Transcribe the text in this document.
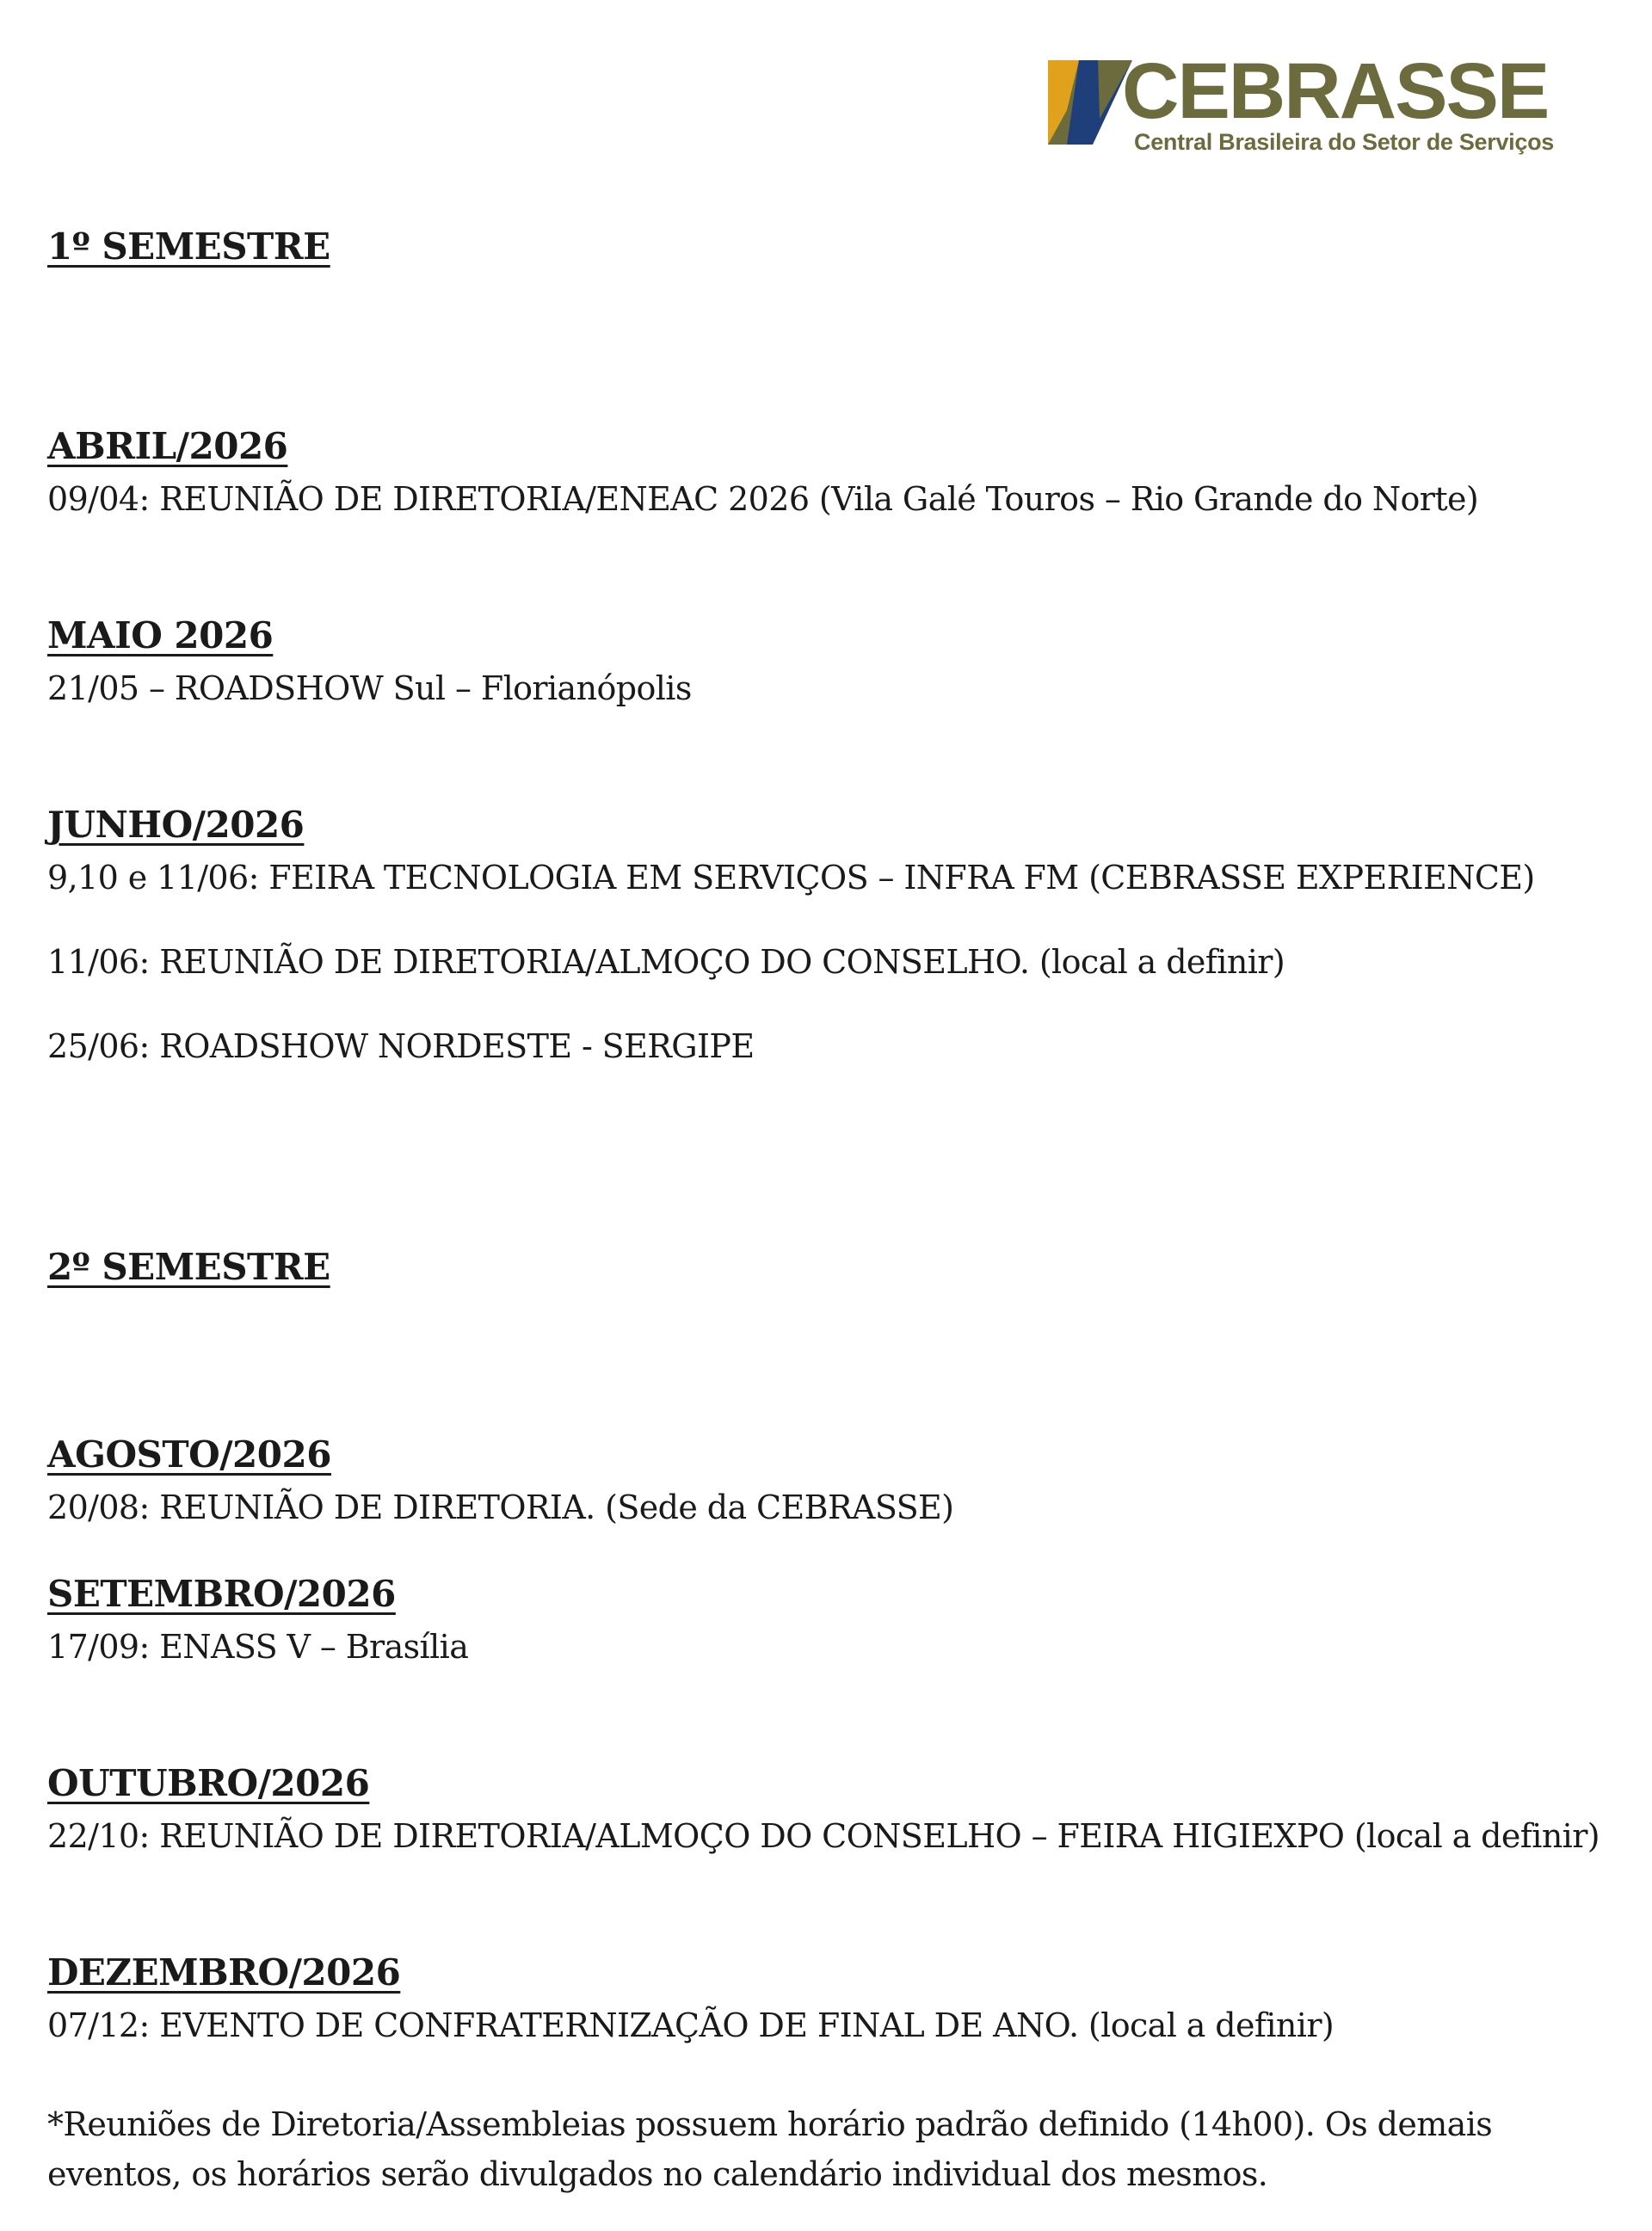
CEBRASSE
Central Brasileira do Setor de Serviços
1º SEMESTRE
ABRIL/2026
09/04: REUNIÃO DE DIRETORIA/ENEAC 2026 (Vila Galé Touros – Rio Grande do Norte)
MAIO 2026
21/05 – ROADSHOW Sul – Florianópolis
JUNHO/2026
9,10 e 11/06: FEIRA TECNOLOGIA EM SERVIÇOS – INFRA FM (CEBRASSE EXPERIENCE)
11/06: REUNIÃO DE DIRETORIA/ALMOÇO DO CONSELHO. (local a definir)
25/06: ROADSHOW NORDESTE - SERGIPE
2º SEMESTRE
AGOSTO/2026
20/08: REUNIÃO DE DIRETORIA. (Sede da CEBRASSE)
SETEMBRO/2026
17/09: ENASS V – Brasília
OUTUBRO/2026
22/10: REUNIÃO DE DIRETORIA/ALMOÇO DO CONSELHO – FEIRA HIGIEXPO (local a definir)
DEZEMBRO/2026
07/12: EVENTO DE CONFRATERNIZAÇÃO DE FINAL DE ANO. (local a definir)
*Reuniões de Diretoria/Assembleias possuem horário padrão definido (14h00). Os demais eventos, os horários serão divulgados no calendário individual dos mesmos.
